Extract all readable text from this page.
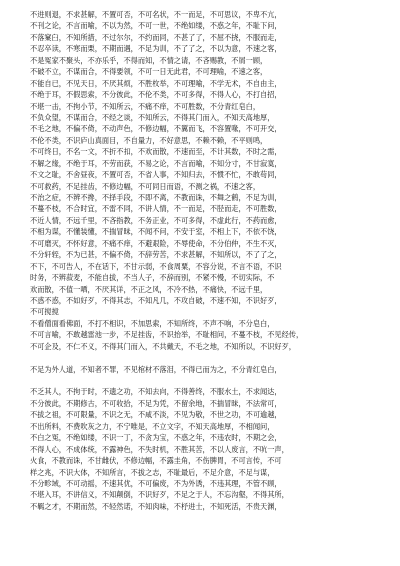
不进则退，不求甚解，不置可否，不可名状，不一而足，不可思议，不卑不亢，
不刊之论，不言而喻，不以为然，不可一世，不绝如缕，不惑之年，不耻下问，
不落窠臼，不知所措，不过尔尔，不约而同，不甚了了，不屈不挠，不服而走，
不忍卒读，不寒而栗，不期而遇，不足为训，不了了之，不以为意，不速之客，
不是冤家不聚头，不亦乐乎，不得而知，不情之请，不吝赐教，不屑一顾，
不破不立，不谋而合，不得要领，不可一日无此君，不可理喻，不速之客，
不能自已，不见天日，不厌其烦，不胜枚举，不可理喻，不学无术，不自由主，
不绝于耳，不假思索，不分彼此，不伦不类，不可多得，不得人心，不打自招，
不堪一击，不拘小节，不知所云，不痛不痒，不可胜数，不分青红皂白，
不负众望，不谋而合，不经之谈，不知所云，不得其门而入，不知天高地厚，
不毛之地，不偏不倚，不动声色，不修边幅，不翼而飞，不容置喙，不可开交，
不伦不类，不识庐山真面目，不自量力，不好意思，不赖不赖，不平则鸣，
不可终日，不名一文，不折不扣，不欢而散，不速而至，不计其数，不时之需，
不解之缘，不绝于耳，不劳而获，不易之论，不言而喻，不知分寸，不甘寂寞，
不文之耻，不舍昼夜，不置可否，不省人事，不知归去，不惯不忙，不敢苟同，
不可救药，不足挂齿，不修边幅，不可同日而语，不测之祸，不速之客，
不治之症，不辨不搀，不择手段，不即不离，不教而诛，不舞之鹤，不足为训，
不蔓不枝，不合时宜，不雷不同，不讲人情，不一而足，不胫而走，不可胜数，
不近人情，不远千里，不吝指教，不务正业，不可多得，不虚此行，不药而愈，
不相为谋，不懂装懂，不揣冒昧，不闻不问，不安于室，不相上下，不依不饶，
不可磨灭，不怀好意，不痛不痒，不避艰险，不辱使命，不分伯仲，不生不灭，
不分轩轾，不为已甚，不偏不倚，不辞劳苦，不求甚解，不知所以，不了了之，
不下，不可告人，不在话下，不甘示弱，不食周粟，不容分说，不言不语，不识
时务，不辨菽麦，不能自拔，不当人子，不辞而别，不紧不慢，不切实际，不
欢而散，不值一哂，不厌其详，不正之风，不冷不热，不痛快，不远千里，
不惑不惑，不如好歹，不得其志，不知凡几，不攻自破，不速不知，不识好歹，
不可搅搅
不看僧面看佛面，不打不相识，不加思索，不知所终，不声不响，不分皂白，
不可言喻，不敢越雷池一步，不足挂齿，不识抬举，不耻相问，不蔓不枝，不见经传，
不可企及，不仁不义，不得其门而入，不共戴天，不毛之地，不知所以，不识好歹，
不足为外人道，不知者不罪，不见棺材不落泪，不得已而为之，不分青红皂白，
不乏其人，不拘于时，不遗之功，不知去向，不得善终，不服水土，不求闻达，
不分彼此，不期修古，不可收拾，不足为凭，不留余地，不揣冒昧，不法常可，
不拔之祖，不可限量，不识之无，不咸不淡，不见为敬，不世之功，不可逾越，
不出所料，不费吹灰之力，不宁唯是，不立文字，不知天高地厚，不相闻问，
不白之冤，不绝如缕，不识一丁，不贪为宝，不惑之年，不违农时，不期之会，
不得人心，不成体统，不露神色，不失时机，不胜其苦，不以人废言，不吭一声，
火食，不教而诛，不甘雌伏，不修边幅，不露圭角，不伤脾胃，不可言传，不可
样之兆，不识大体，不知所言，不拔之志，不耻最后，不足介意，不足与谋，
不分畛域，不可动摇，不速其优，不可偏废，不为外诱，不违其理，不管不顾，
不堪入耳，不讲信义，不知颠倒，不识好歹，不足之于人，不忘沟壑，不得其所，
不羁之才，不期而然，不轻然诺，不知肉味，不杼进士，不知死活，不贵天渊，
